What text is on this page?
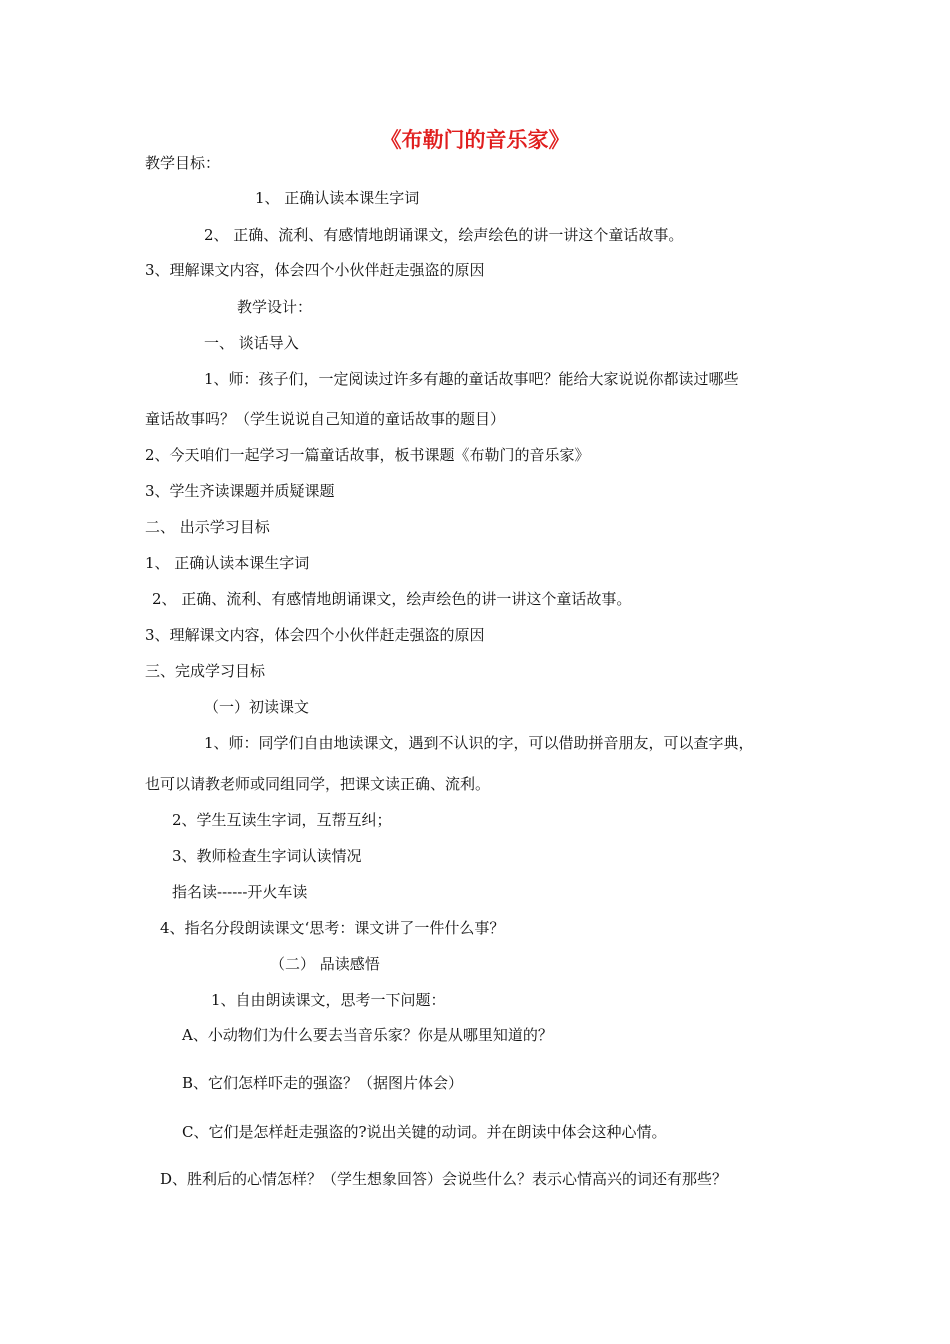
《布勒门的音乐家》
教学目标：
1、 正确认读本课生字词
2、 正确、流利、有感情地朗诵课文，绘声绘色的讲一讲这个童话故事。
3、理解课文内容，体会四个小伙伴赶走强盗的原因
教学设计：
一、 谈话导入
1、师：孩子们，一定阅读过许多有趣的童话故事吧？能给大家说说你都读过哪些
童话故事吗？（学生说说自己知道的童话故事的题目）
2、今天咱们一起学习一篇童话故事，板书课题《布勒门的音乐家》
3、学生齐读课题并质疑课题
二、 出示学习目标
1、 正确认读本课生字词
2、 正确、流利、有感情地朗诵课文，绘声绘色的讲一讲这个童话故事。
3、理解课文内容，体会四个小伙伴赶走强盗的原因
三、完成学习目标
（一）初读课文
1、师：同学们自由地读课文，遇到不认识的字，可以借助拼音朋友，可以查字典，
也可以请教老师或同组同学，把课文读正确、流利。
2、学生互读生字词，互帮互纠；
3、教师检查生字词认读情况
指名读------开火车读
4、指名分段朗读课文‘思考：课文讲了一件什么事？
（二） 品读感悟
1、自由朗读课文，思考一下问题：
A、小动物们为什么要去当音乐家？你是从哪里知道的？
B、它们怎样吓走的强盗？（据图片体会）
C、它们是怎样赶走强盗的?说出关键的动词。并在朗读中体会这种心情。
D、胜利后的心情怎样？（学生想象回答）会说些什么？表示心情高兴的词还有那些？
